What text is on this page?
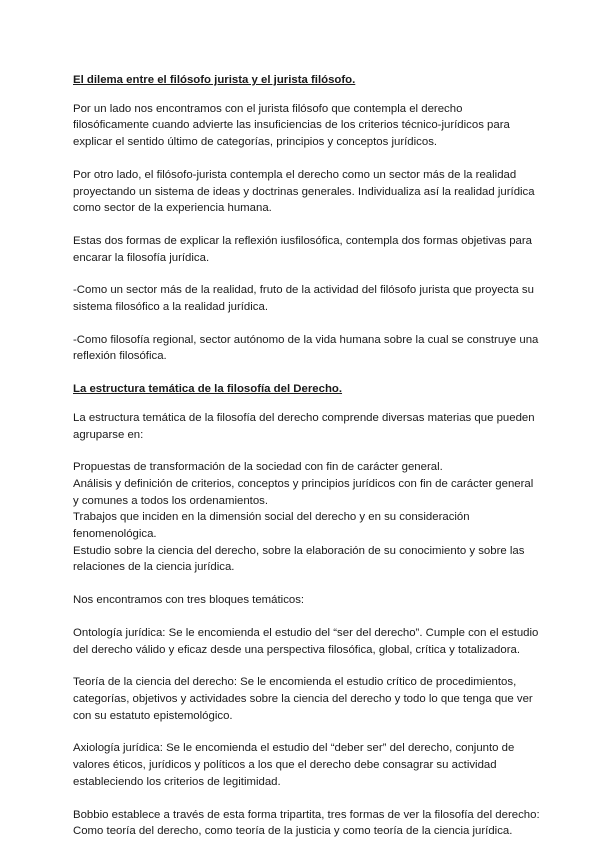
El dilema entre el filósofo jurista y el jurista filósofo.

Por un lado nos encontramos con el jurista filósofo que contempla el derecho
filosóficamente cuando advierte las insuficiencias de los criterios técnico-jurídicos para
explicar el sentido último de categorías, principios y conceptos jurídicos.

Por otro lado, el filósofo-jurista contempla el derecho como un sector más de la realidad
proyectando un sistema de ideas y doctrinas generales. Individualiza así la realidad jurídica
como sector de la experiencia humana.

Estas dos formas de explicar la reflexión iusfilosófica, contempla dos formas objetivas para
encarar la filosofía jurídica.

-Como un sector más de la realidad, fruto de la actividad del filósofo jurista que proyecta su
sistema filosófico a la realidad jurídica.

-Como filosofía regional, sector autónomo de la vida humana sobre la cual se construye una
reflexión filosófica.

La estructura temática de la filosofía del Derecho.

La estructura temática de la filosofía del derecho comprende diversas materias que pueden
agruparse en:

Propuestas de transformación de la sociedad con fin de carácter general.
Análisis y definición de criterios, conceptos y principios jurídicos con fin de carácter general
y comunes a todos los ordenamientos.
Trabajos que inciden en la dimensión social del derecho y en su consideración
fenomenológica.
Estudio sobre la ciencia del derecho, sobre la elaboración de su conocimiento y sobre las
relaciones de la ciencia jurídica.

Nos encontramos con tres bloques temáticos:

Ontología jurídica: Se le encomienda el estudio del “ser del derecho”. Cumple con el estudio
del derecho válido y eficaz desde una perspectiva filosófica, global, crítica y totalizadora.

Teoría de la ciencia del derecho: Se le encomienda el estudio crítico de procedimientos,
categorías, objetivos y actividades sobre la ciencia del derecho y todo lo que tenga que ver
con su estatuto epistemológico.

Axiología jurídica: Se le encomienda el estudio del “deber ser” del derecho, conjunto de
valores éticos, jurídicos y políticos a los que el derecho debe consagrar su actividad
estableciendo los criterios de legitimidad.

Bobbio establece a través de esta forma tripartita, tres formas de ver la filosofía del derecho:
Como teoría del derecho, como teoría de la justicia y como teoría de la ciencia jurídica.
